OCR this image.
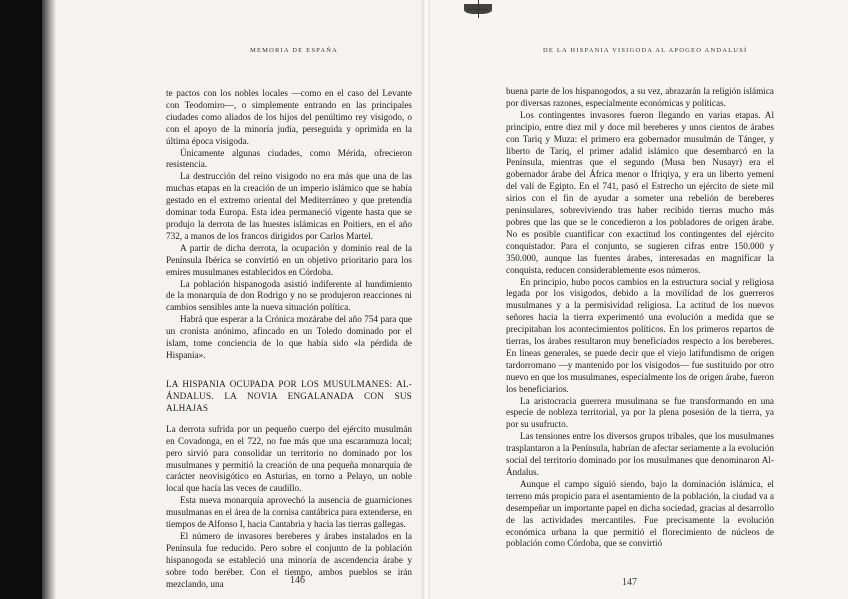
MEMORIA DE ESPAÑA	DE LA HISPANIA VISIGODA AL APOGEO ANDALUSÍ

te pactos con los nobles locales —como en el caso del Levante con Teodomiro—, o simplemente entrando en las principales ciudades como aliados de los hijos del penúltimo rey visigodo, o con el apoyo de la minoría judía, perseguida y oprimida en la última época visigoda.

Únicamente algunas ciudades, como Mérida, ofrecieron resistencia.

La destrucción del reino visigodo no era más que una de las muchas etapas en la creación de un imperio islámico que se había gestado en el extremo oriental del Mediterráneo y que pretendía dominar toda Europa. Esta idea permaneció vigente hasta que se produjo la derrota de las huestes islámicas en Poitiers, en el año 732, a manos de los francos dirigidos por Carlos Martel.

A partir de dicha derrota, la ocupación y dominio real de la Península Ibérica se convirtió en un objetivo prioritario para los emires musulmanes establecidos en Córdoba.

La población hispanogoda asistió indiferente al hundimiento de la monarquía de don Rodrigo y no se produjeron reacciones ni cambios sensibles ante la nueva situación política.

Habrá que esperar a la Crónica mozárabe del año 754 para que un cronista anónimo, afincado en un Toledo dominado por el islam, tome conciencia de lo que había sido «la pérdida de Hispania».

LA HISPANIA OCUPADA POR LOS MUSULMANES: AL-ÁNDALUS. LA NOVIA ENGALANADA CON SUS ALHAJAS

La derrota sufrida por un pequeño cuerpo del ejército musulmán en Covadonga, en el 722, no fue más que una escaramuza local; pero sirvió para consolidar un territorio no dominado por los musulmanes y permitió la creación de una pequeña monarquía de carácter neovisigótico en Asturias, en torno a Pelayo, un noble local que hacía las veces de caudillo.

Esta nueva monarquía aprovechó la ausencia de guarniciones musulmanas en el área de la cornisa cantábrica para extenderse, en tiempos de Alfonso I, hacia Cantabria y hacia las tierras gallegas.

El número de invasores bereberes y árabes instalados en la Península fue reducido. Pero sobre el conjunto de la población hispanogoda se estableció una minoría de ascendencia árabe y sobre todo beréber. Con el tiempo, ambos pueblos se irán mezclando, una

buena parte de los hispanogodos, a su vez, abrazarán la religión islámica por diversas razones, especialmente económicas y políticas.

Los contingentes invasores fueron llegando en varias etapas. Al principio, entre diez mil y doce mil bereberes y unos cientos de árabes con Tariq y Muza: el primero era gobernador musulmán de Tánger, y liberto de Tariq, el primer adalid islámico que desembarcó en la Península, mientras que el segundo (Musa ben Nusayr) era el gobernador árabe del África menor o Ifriqiya, y era un liberto yemení del valí de Egipto. En el 741, pasó el Estrecho un ejército de siete mil sirios con el fin de ayudar a someter una rebelión de bereberes peninsulares, sobreviviendo tras haber recibido tierras mucho más pobres que las que se le concedieron a los pobladores de origen árabe. No es posible cuantificar con exactitud los contingentes del ejército conquistador. Para el conjunto, se sugieren cifras entre 150.000 y 350.000, aunque las fuentes árabes, interesadas en magnificar la conquista, reducen considerablemente esos números.

En principio, hubo pocos cambios en la estructura social y religiosa legada por los visigodos, debido a la movilidad de los guerreros musulmanes y a la permisividad religiosa. La actitud de los nuevos señores hacia la tierra experimentó una evolución a medida que se precipitaban los acontecimientos políticos. En los primeros repartos de tierras, los árabes resultaron muy beneficiados respecto a los bereberes. En líneas generales, se puede decir que el viejo latifundismo de origen tardorromano —y mantenido por los visigodos— fue sustituido por otro nuevo en que los musulmanes, especialmente los de origen árabe, fueron los beneficiarios.

La aristocracia guerrera musulmana se fue transformando en una especie de nobleza territorial, ya por la plena posesión de la tierra, ya por su usufructo.

Las tensiones entre los diversos grupos tribales, que los musulmanes trasplantaron a la Península, habrían de afectar seriamente a la evolución social del territorio dominado por los musulmanes que denominaron Al-Ándalus.

Aunque el campo siguió siendo, bajo la dominación islámica, el terreno más propicio para el asentamiento de la población, la ciudad va a desempeñar un importante papel en dicha sociedad, gracias al desarrollo de las actividades mercantiles. Fue precisamente la evolución económica urbana la que permitió el florecimiento de núcleos de población como Córdoba, que se convirtió

146	147
